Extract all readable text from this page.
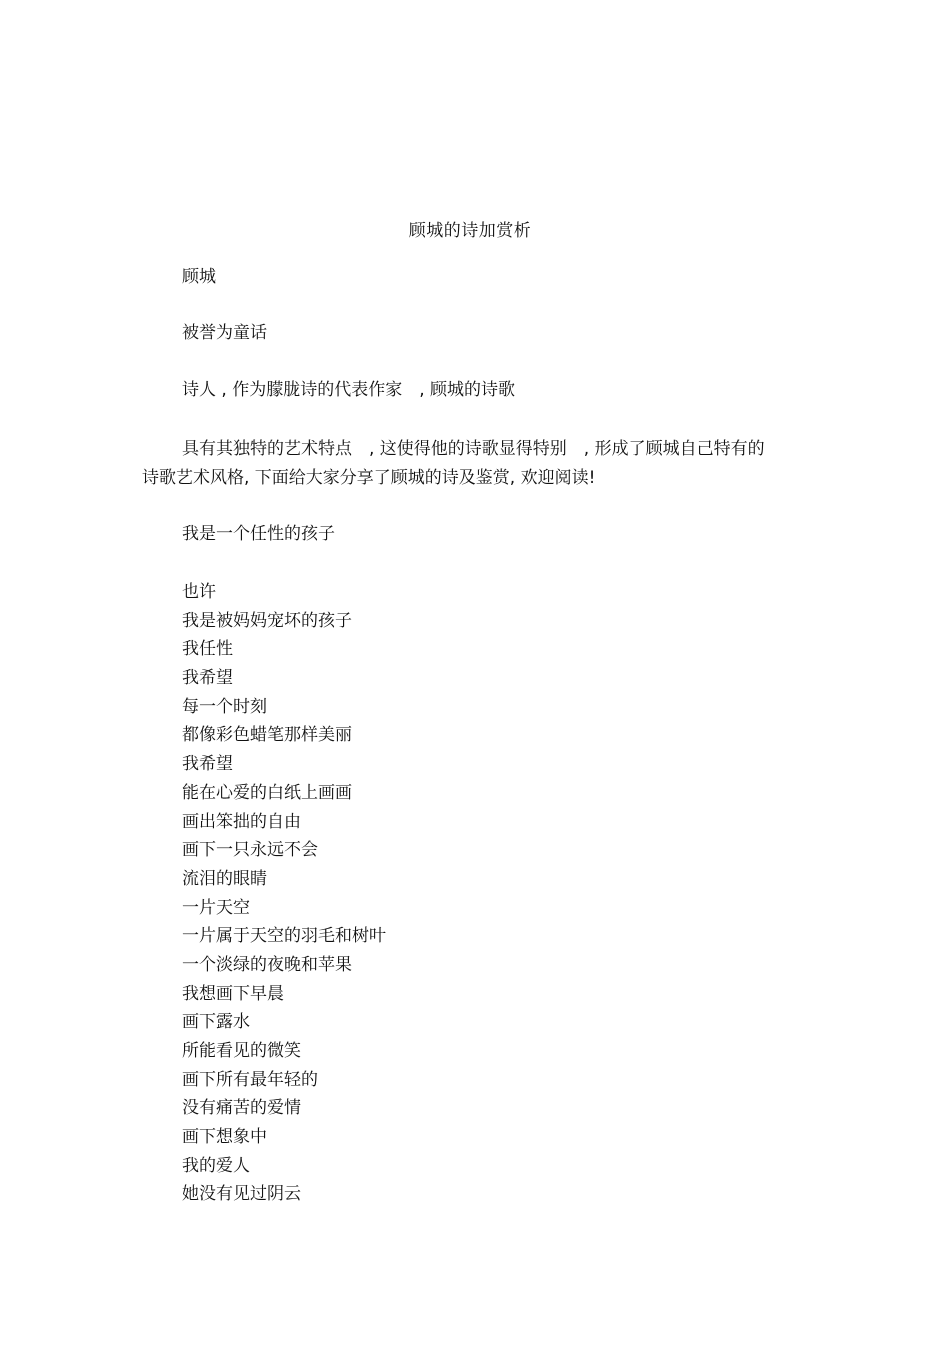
顾城的诗加赏析
顾城
被誉为童话
诗人 , 作为朦胧诗的代表作家　, 顾城的诗歌
具有其独特的艺术特点　, 这使得他的诗歌显得特别　, 形成了顾城自己特有的
诗歌艺术风格, 下面给大家分享了顾城的诗及鉴赏, 欢迎阅读!
我是一个任性的孩子
也许
我是被妈妈宠坏的孩子
我任性
我希望
每一个时刻
都像彩色蜡笔那样美丽
我希望
能在心爱的白纸上画画
画出笨拙的自由
画下一只永远不会
流泪的眼睛
一片天空
一片属于天空的羽毛和树叶
一个淡绿的夜晚和苹果
我想画下早晨
画下露水
所能看见的微笑
画下所有最年轻的
没有痛苦的爱情
画下想象中
我的爱人
她没有见过阴云
